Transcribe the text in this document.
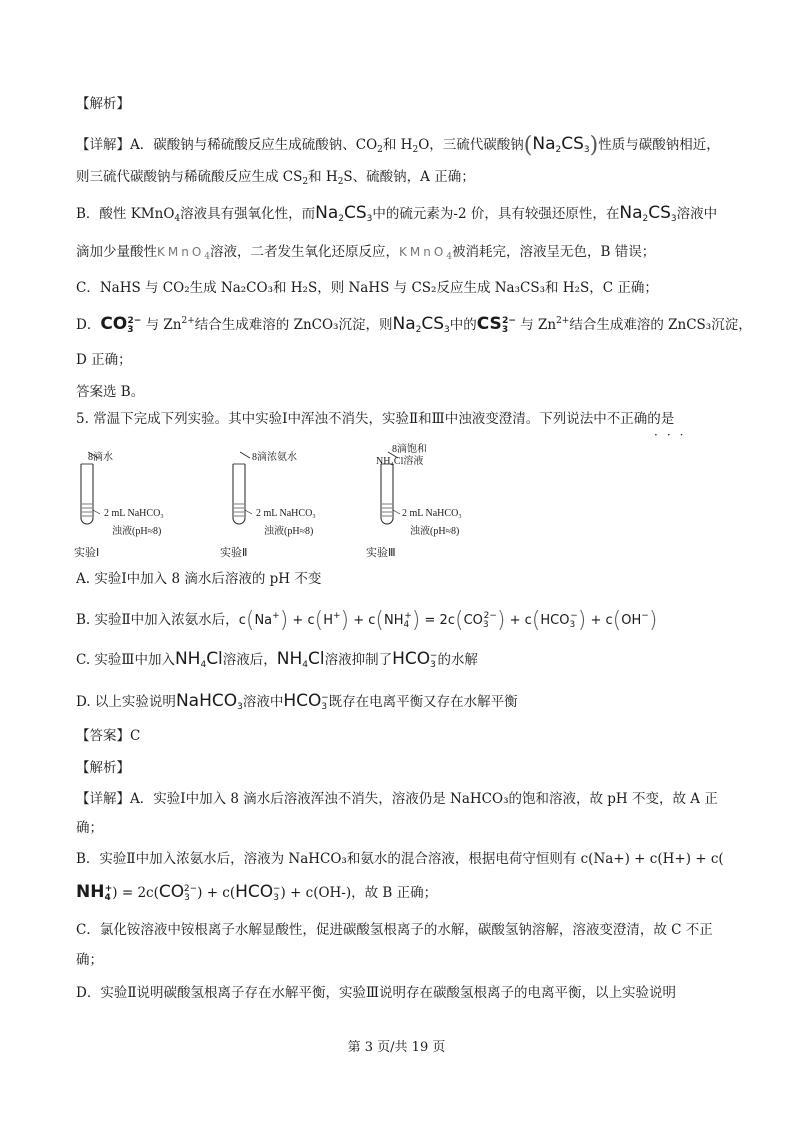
【解析】
【详解】A．碳酸钠与稀硫酸反应生成硫酸钠、$CO_2$和 $H_2O$，三硫代碳酸钠$(Na_2CS_3)$性质与碳酸钠相近，
则三硫代碳酸钠与稀硫酸反应生成 $CS_2$和 $H_2S$、硫酸钠，A 正确；
B．酸性 KMnO$_4$溶液具有强氧化性，而$Na_2CS_3$中的硫元素为-2 价，具有较强还原性，在$Na_2CS_3$溶液中
滴加少量酸性KMnO$_4$溶液，二者发生氧化还原反应，KMnO$_4$被消耗完，溶液呈无色，B 错误；
C．NaHS 与 CO₂生成 Na₂CO₃和 H₂S，则 NaHS 与 CS₂反应生成 Na₃CS₃和 H₂S，C 正确；
D．$CO_3^{2-}$ 与 $Zn^{2+}$结合生成难溶的 ZnCO₃沉淀，则$Na_2CS_3$中的$CS_3^{2-}$ 与 $Zn^{2+}$结合生成难溶的 ZnCS₃沉淀，
D 正确；
答案选 B。
5. 常温下完成下列实验。其中实验Ⅰ中浑浊不消失，实验Ⅱ和Ⅲ中浊液变澄清。下列说法中不正确的是
···
8滴水
2 mL NaHCO₃
浊液(pH≈8)
实验Ⅰ
8滴浓氨水
2 mL NaHCO₃
浊液(pH≈8)
实验Ⅱ
8滴饱和
NH₄Cl溶液
2 mL NaHCO₃
浊液(pH≈8)
实验Ⅲ
A. 实验Ⅰ中加入 8 滴水后溶液的 pH 不变
B. 实验Ⅱ中加入浓氨水后，$c(Na^+) + c(H^+) + c(NH_4^+) = 2c(CO_3^{2-}) + c(HCO_3^-) + c(OH^-)$
C. 实验Ⅲ中加入$NH_4Cl$溶液后，$NH_4Cl$溶液抑制了$HCO_3^-$的水解
D. 以上实验说明NaHCO$_3$溶液中$HCO_3^-$既存在电离平衡又存在水解平衡
【答案】C
【解析】
【详解】A．实验Ⅰ中加入 8 滴水后溶液浑浊不消失，溶液仍是 NaHCO₃的饱和溶液，故 pH 不变，故 A 正
确；
B．实验Ⅱ中加入浓氨水后，溶液为 NaHCO₃和氨水的混合溶液，根据电荷守恒则有 c(Na+) + c(H+) + c(
$NH_4^+) = 2c(CO_3^{2-}) + c(HCO_3^-) + c(OH-)$，故 B 正确；
C．氯化铵溶液中铵根离子水解显酸性，促进碳酸氢根离子的水解，碳酸氢钠溶解，溶液变澄清，故 C 不正
确；
D．实验Ⅱ说明碳酸氢根离子存在水解平衡，实验Ⅲ说明存在碳酸氢根离子的电离平衡，以上实验说明
第 3 页/共 19 页
